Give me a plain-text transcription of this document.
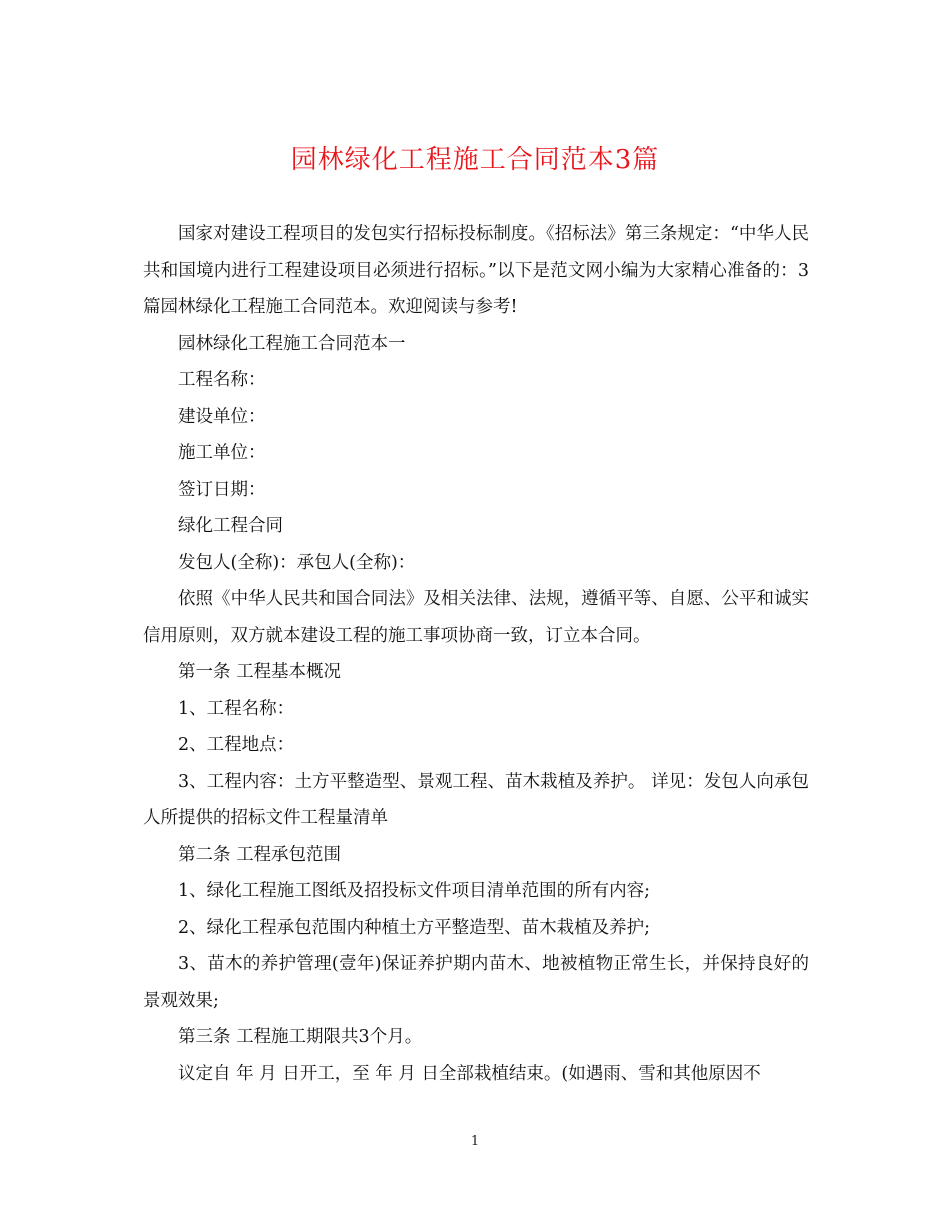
园林绿化工程施工合同范本3篇

国家对建设工程项目的发包实行招标投标制度。《招标法》第三条规定：“中华人民共和国境内进行工程建设项目必须进行招标。”以下是范文网小编为大家精心准备的：3篇园林绿化工程施工合同范本。欢迎阅读与参考!

园林绿化工程施工合同范本一

工程名称：

建设单位：

施工单位：

签订日期：

绿化工程合同

发包人(全称)：承包人(全称)：

依照《中华人民共和国合同法》及相关法律、法规，遵循平等、自愿、公平和诚实信用原则，双方就本建设工程的施工事项协商一致，订立本合同。

第一条 工程基本概况

1、工程名称：

2、工程地点：

3、工程内容：土方平整造型、景观工程、苗木栽植及养护。 详见：发包人向承包人所提供的招标文件工程量清单

第二条 工程承包范围

1、绿化工程施工图纸及招投标文件项目清单范围的所有内容;

2、绿化工程承包范围内种植土方平整造型、苗木栽植及养护;

3、苗木的养护管理(壹年)保证养护期内苗木、地被植物正常生长，并保持良好的景观效果;

第三条 工程施工期限共3个月。

议定自 年 月 日开工，至 年 月 日全部栽植结束。(如遇雨、雪和其他原因不

1
